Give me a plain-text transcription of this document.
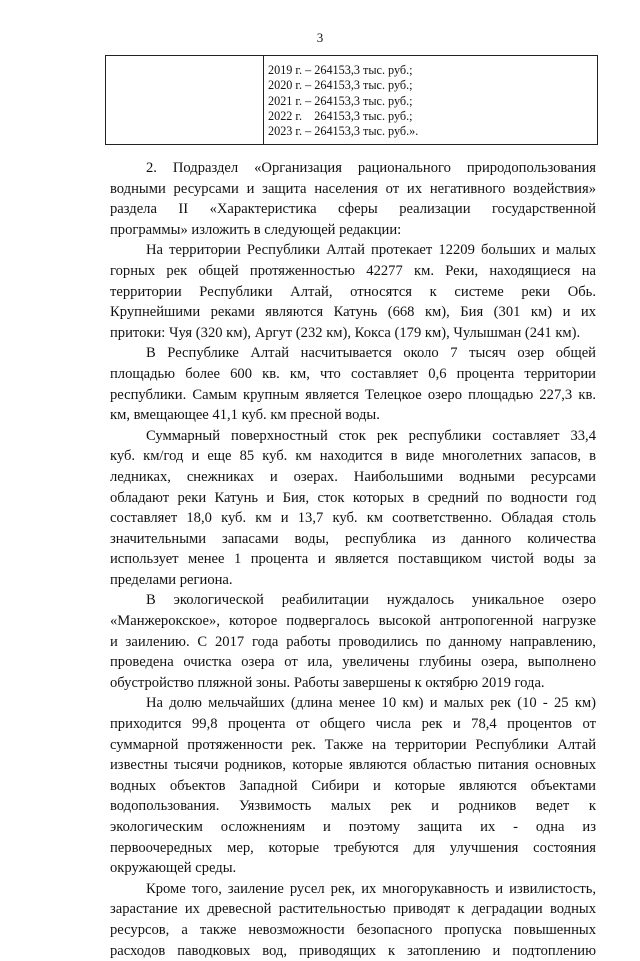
3
2019 г. – 264153,3 тыс. руб.;
2020 г. – 264153,3 тыс. руб.;
2021 г. – 264153,3 тыс. руб.;
2022 г.    264153,3 тыс. руб.;
2023 г. – 264153,3 тыс. руб.».
2. Подраздел «Организация рационального природопользования
водными ресурсами и защита населения от их негативного воздействия»
раздела II «Характеристика сферы реализации государственной
программы» изложить в следующей редакции:
На территории Республики Алтай протекает 12209 больших и малых
горных рек общей протяженностью 42277 км. Реки, находящиеся на
территории Республики Алтай, относятся к системе реки Обь.
Крупнейшими реками являются Катунь (668 км), Бия (301 км) и их
притоки: Чуя (320 км), Аргут (232 км), Кокса (179 км), Чулышман (241 км).
В Республике Алтай насчитывается около 7 тысяч озер общей
площадью более 600 кв. км, что составляет 0,6 процента территории
республики. Самым крупным является Телецкое озеро площадью 227,3 кв.
км, вмещающее 41,1 куб. км пресной воды.
Суммарный поверхностный сток рек республики составляет 33,4
куб. км/год и еще 85 куб. км находится в виде многолетних запасов, в
ледниках, снежниках и озерах. Наибольшими водными ресурсами
обладают реки Катунь и Бия, сток которых в средний по водности год
составляет 18,0 куб. км и 13,7 куб. км соответственно. Обладая столь
значительными запасами воды, республика из данного количества
использует менее 1 процента и является поставщиком чистой воды за
пределами региона.
В экологической реабилитации нуждалось уникальное озеро
«Манжерокское», которое подвергалось высокой антропогенной нагрузке
и заилению. С 2017 года работы проводились по данному направлению,
проведена очистка озера от ила, увеличены глубины озера, выполнено
обустройство пляжной зоны. Работы завершены к октябрю 2019 года.
На долю мельчайших (длина менее 10 км) и малых рек (10 - 25 км)
приходится 99,8 процента от общего числа рек и 78,4 процентов от
суммарной протяженности рек. Также на территории Республики Алтай
известны тысячи родников, которые являются областью питания основных
водных объектов Западной Сибири и которые являются объектами
водопользования. Уязвимость малых рек и родников ведет к
экологическим осложнениям и поэтому защита их - одна из
первоочередных мер, которые требуются для улучшения состояния
окружающей среды.
Кроме того, заиление русел рек, их многорукавность и извилистость,
зарастание их древесной растительностью приводят к деградации водных
ресурсов, а также невозможности безопасного пропуска повышенных
расходов паводковых вод, приводящих к затоплению и подтоплению
